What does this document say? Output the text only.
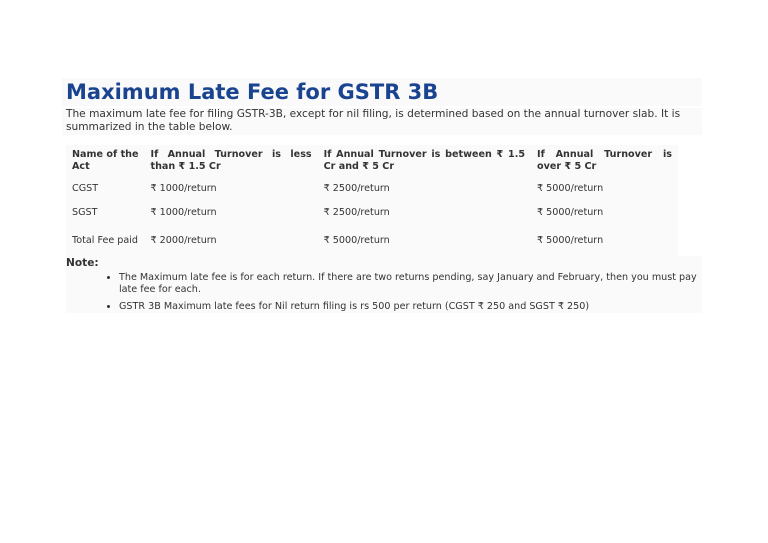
Maximum Late Fee for GSTR 3B

The maximum late fee for filing GSTR-3B, except for nil filing, is determined based on the annual turnover slab. It is summarized in the table below.

Name of the Act	If Annual Turnover is less than ₹ 1.5 Cr	If Annual Turnover is between ₹ 1.5 Cr and ₹ 5 Cr	If Annual Turnover is over ₹ 5 Cr
CGST	₹ 1000/return	₹ 2500/return	₹ 5000/return
SGST	₹ 1000/return	₹ 2500/return	₹ 5000/return
Total Fee paid	₹ 2000/return	₹ 5000/return	₹ 5000/return
Note:
• The Maximum late fee is for each return. If there are two returns pending, say January and February, then you must pay late fee for each.
• GSTR 3B Maximum late fees for Nil return filing is rs 500 per return (CGST ₹ 250 and SGST ₹ 250)
